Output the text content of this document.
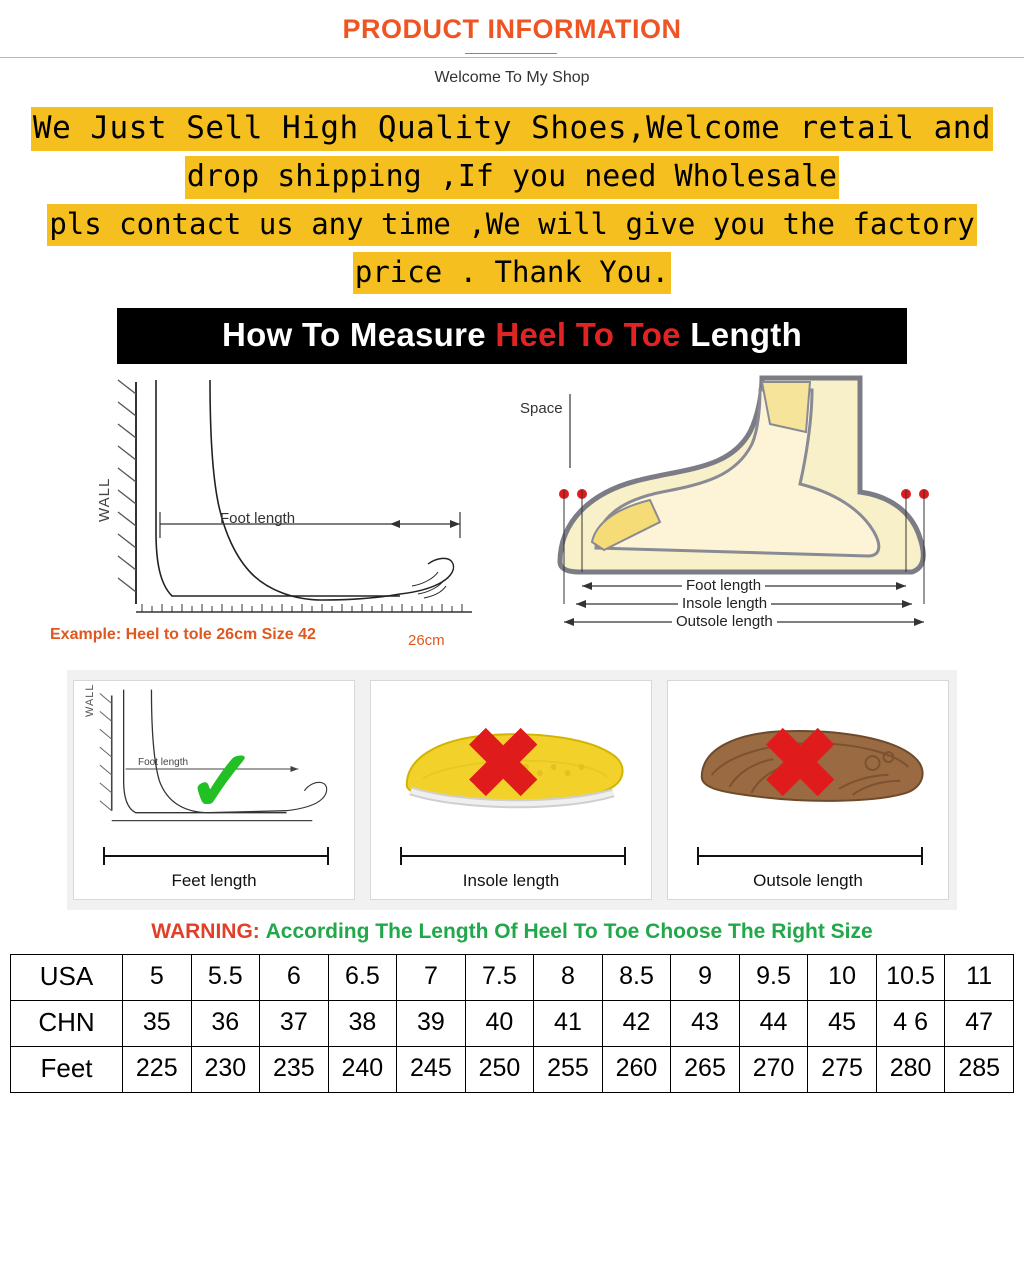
PRODUCT INFORMATION
Welcome To My Shop
We Just Sell High Quality Shoes,Welcome retail and
drop shipping ,If you need Wholesale
pls contact us any time ,We will give you the factory
price . Thank You.
How To Measure Heel To Toe Length
WALL	Foot length
Example: Heel to tole 26cm Size 42	26cm
Space
Foot length
Insole length
Outsole length
WALL
Foot length
✓
Feet length
✖
Insole length
✖
Outsole length
WARNING: According The Length Of Heel To Toe Choose The Right Size
USA	5	5.5	6	6.5	7	7.5	8	8.5	9	9.5	10	10.5	11
CHN	35	36	37	38	39	40	41	42	43	44	45	4 6	47
Feet	225	230	235	240	245	250	255	260	265	270	275	280	285
